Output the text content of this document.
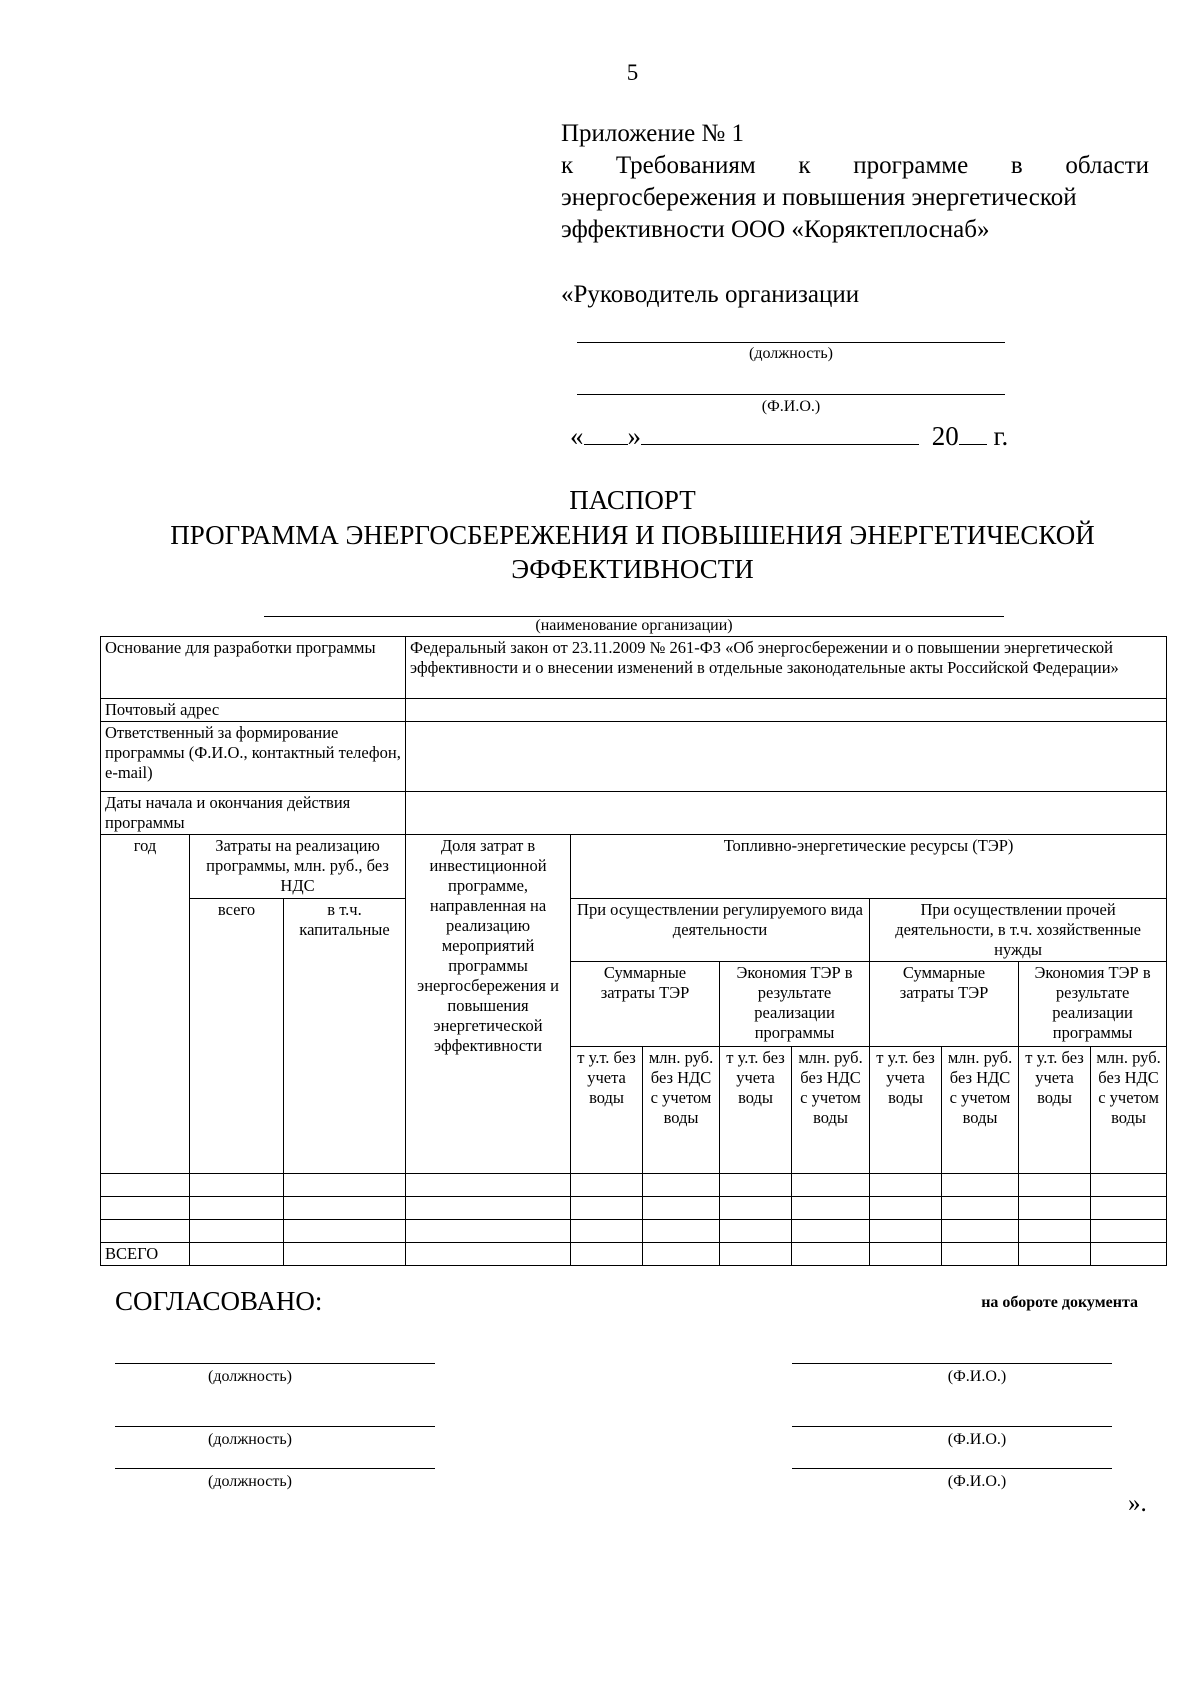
5
Приложение № 1
к Требованиям к программе в области
энергосбережения и повышения энергетической
эффективности ООО «Коряктеплоснаб»
«Руководитель организации
(должность)
(Ф.И.О.)
« »	20 г.
ПАСПОРТ
ПРОГРАММА ЭНЕРГОСБЕРЕЖЕНИЯ И ПОВЫШЕНИЯ ЭНЕРГЕТИЧЕСКОЙ ЭФФЕКТИВНОСТИ
(наименование организации)
Основание для разработки программы			Федеральный закон от 23.11.2009 № 261-ФЗ «Об энергосбережении и о повышении энергетической эффективности и о внесении изменений в отдельные законодательные акты Российской Федерации»								
Почтовый адрес											
Ответственный за формирование программы (Ф.И.О., контактный телефон, e-mail)											
Даты начала и окончания действия программы											
год	Затраты на реализацию программы, млн. руб., без НДС		Доля затрат в инвестиционной программе, направленная на реализацию мероприятий программы энергосбережения и повышения энергетической эффективности	Топливно-энергетические ресурсы (ТЭР)							
	всего	в т.ч. капитальные		При осуществлении регулируемого вида деятельности				При осуществлении прочей деятельности, в т.ч. хозяйственные нужды			
				Суммарные затраты ТЭР		Экономия ТЭР в результате реализации программы		Суммарные затраты ТЭР		Экономия ТЭР в результате реализации программы	
				т у.т. без учета воды	млн. руб. без НДС с учетом воды	т у.т. без учета воды	млн. руб. без НДС с учетом воды	т у.т. без учета воды	млн. руб. без НДС с учетом воды	т у.т. без учета воды	млн. руб. без НДС с учетом воды

ВСЕГО											
СОГЛАСОВАНО:	на обороте документа
(должность)	(Ф.И.О.)
(должность)	(Ф.И.О.)
(должность)	(Ф.И.О.)
».
